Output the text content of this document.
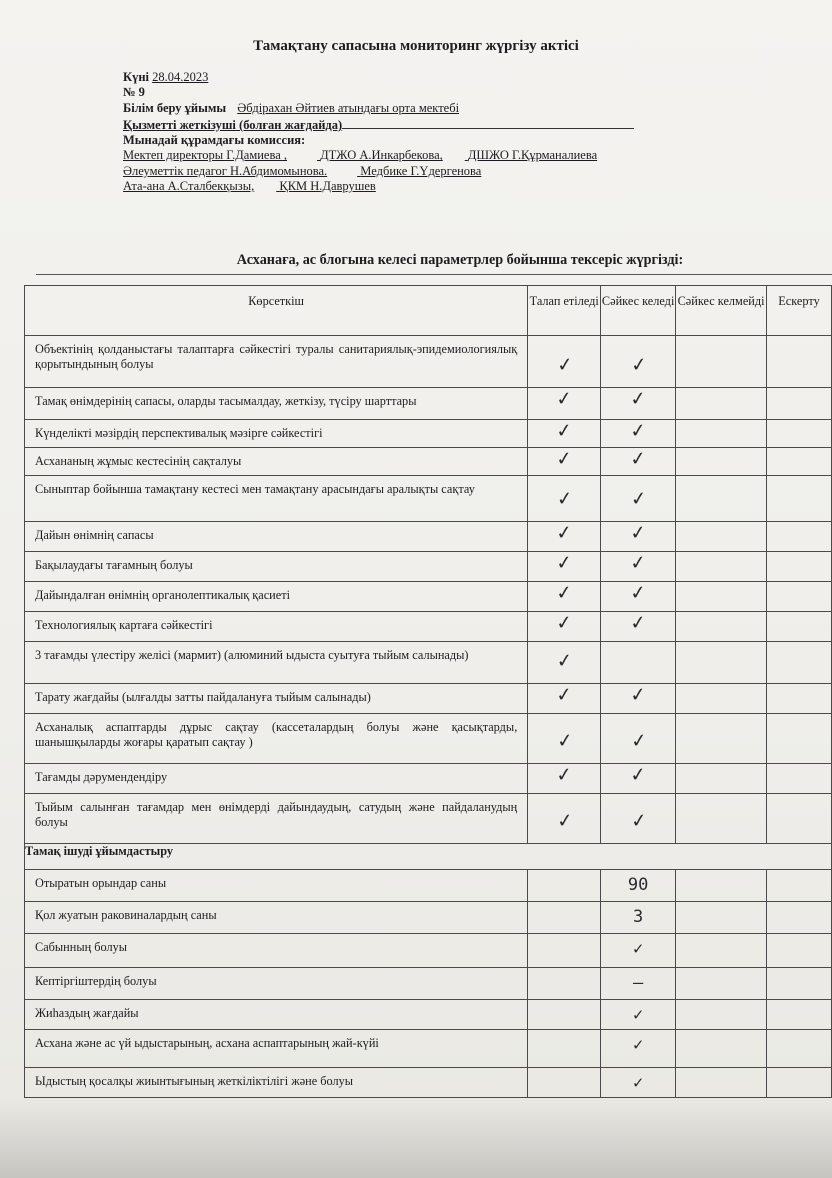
Тамақтану сапасына мониторинг жүргізу актісі
Күні 28.04.2023
№ 9
Білім беру ұйымы Әбдірахан Әйтиев атындағы орта мектебі
Қызметті жеткізуші (болған жағдайда)
Мынадай құрамдағы комиссия:
Мектеп директоры Г.Дамиева ,	ДТЖО А.Инкарбекова, ДШЖО Г.Құрманалиева
Әлеуметтік педагог Н.Абдимомынова.	Медбике Г.Үдергенова
Ата-ана А.Сталбекқызы, ҚКМ Н.Даврушев
Асханаға, ас блогына келесі параметрлер бойынша тексеріс жүргізді:
Көрсеткіш	Талап етіледі	Сәйкес келеді	Сәйкес келмейді	Ескерту

Объектінің қолданыстағы талаптарға сәйкестігі туралы санитариялық-эпидемиологиялық қорытындының болуы	✓	✓		

Тамақ өнімдерінің сапасы, оларды тасымалдау, жеткізу, түсіру шарттары	✓	✓		

Күнделікті мәзірдің перспективалық мәзірге сәйкестігі	✓	✓		

Асхананың жұмыс кестесінің сақталуы	✓	✓		

Сыныптар бойынша тамақтану кестесі мен тамақтану арасындағы аралықты сақтау	✓	✓		

Дайын өнімнің сапасы	✓	✓		

Бақылаудағы тағамның болуы	✓	✓		

Дайындалған өнімнің органолептикалық қасиеті	✓	✓		

Технологиялық картаға сәйкестігі	✓	✓		

3 тағамды үлестіру желісі (мармит) (алюминий ыдыста суытуға тыйым салынады)	✓			

Тарату жағдайы (ылғалды затты пайдалануға тыйым салынады)	✓	✓		

Асханалық аспаптарды дұрыс сақтау (кассеталардың болуы және қасықтарды, шанышқыларды жоғары қаратып сақтау )	✓	✓		

Тағамды дәрумендендіру	✓	✓		

Тыйым салынған тағамдар мен өнімдерді дайындаудың, сатудың және пайдаланудың болуы	✓	✓		

Тамақ ішуді ұйымдастыру				

Отыратын орындар саны		90		

Қол жуатын раковиналардың саны		3		

Сабынның болуы		✓		

Кептіргіштердің болуы		–		

Жиһаздың жағдайы		✓		

Асхана және ас үй ыдыстарының, асхана аспаптарының жай-күйі		✓		

Ыдыстың қосалқы жиынтығының жеткіліктілігі және болуы		✓		
